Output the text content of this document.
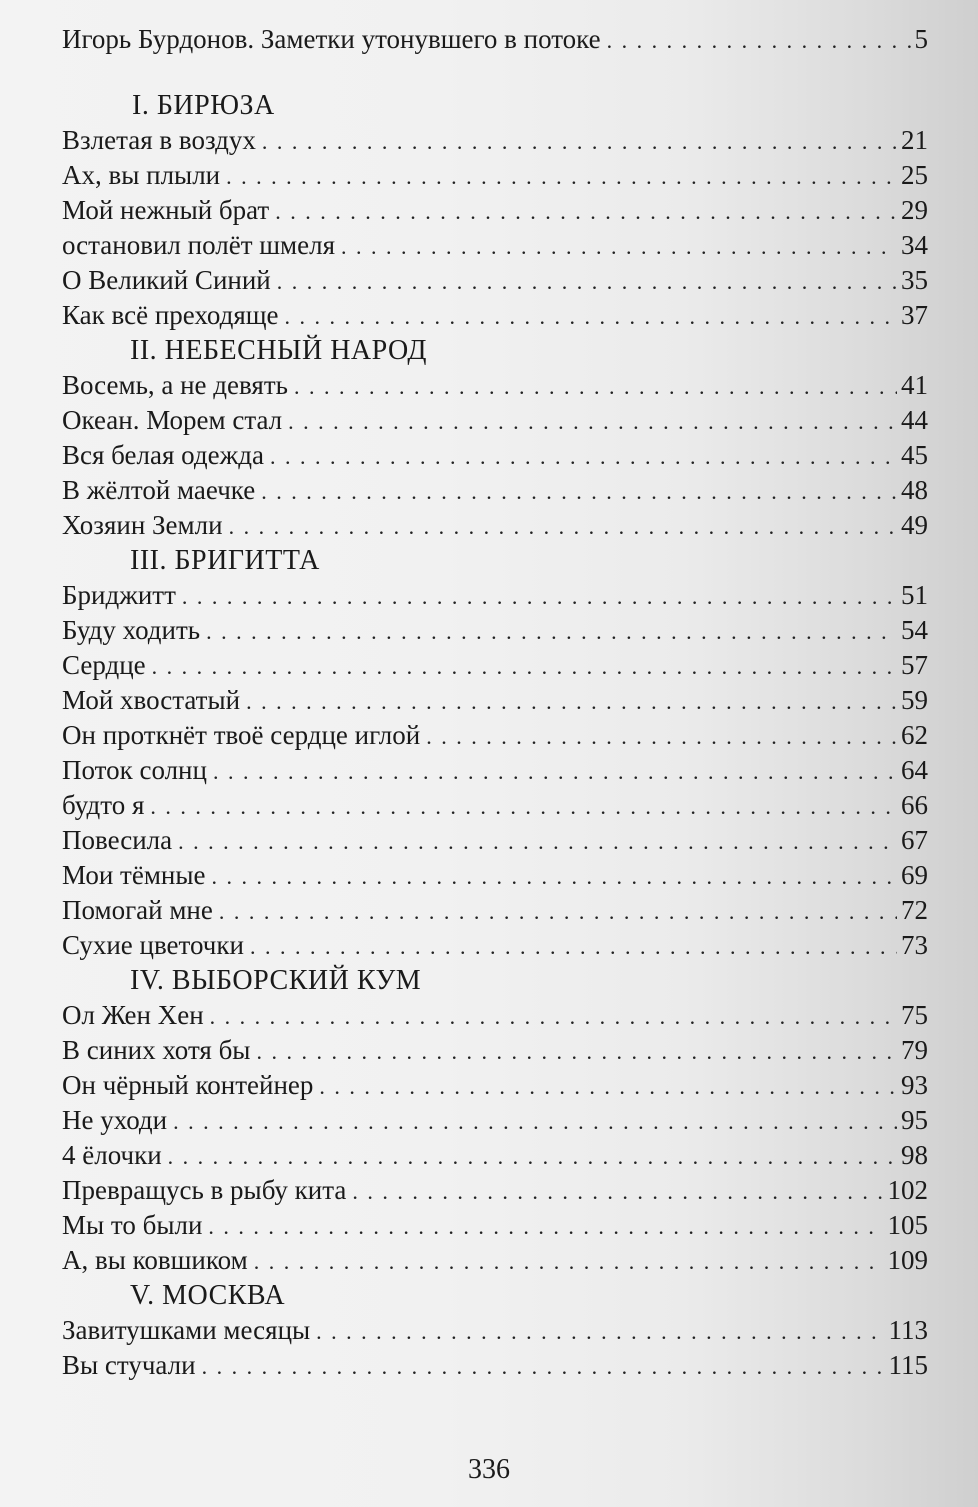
Игорь Бурдонов. Заметки утонувшего в потоке . . .	5
I. БИРЮЗА
Взлетая в воздух . . .	21
Ах, вы плыли . . .	25
Мой нежный брат . . .	29
остановил полёт шмеля . . .	34
О Великий Синий . . .	35
Как всё преходяще . . .	37
II. НЕБЕСНЫЙ НАРОД
Восемь, а не девять . . .	41
Океан. Морем стал . . .	44
Вся белая одежда . . .	45
В жёлтой маечке . . .	48
Хозяин Земли . . .	49
III. БРИГИТТА
Бриджитт . . .	51
Буду ходить . . .	54
Сердце . . .	57
Мой хвостатый . . .	59
Он проткнёт твоё сердце иглой . . .	62
Поток солнц . . .	64
будто я . . .	66
Повесила . . .	67
Мои тёмные . . .	69
Помогай мне . . .	72
Сухие цветочки . . .	73
IV. ВЫБОРСКИЙ КУМ
Ол Жен Хен . . .	75
В синих хотя бы . . .	79
Он чёрный контейнер . . .	93
Не уходи . . .	95
4 ёлочки . . .	98
Превращусь в рыбу кита . . .	102
Мы то были . . .	105
А, вы ковшиком . . .	109
V. МОСКВА
Завитушками месяцы . . .	113
Вы стучали . . .	115
336
